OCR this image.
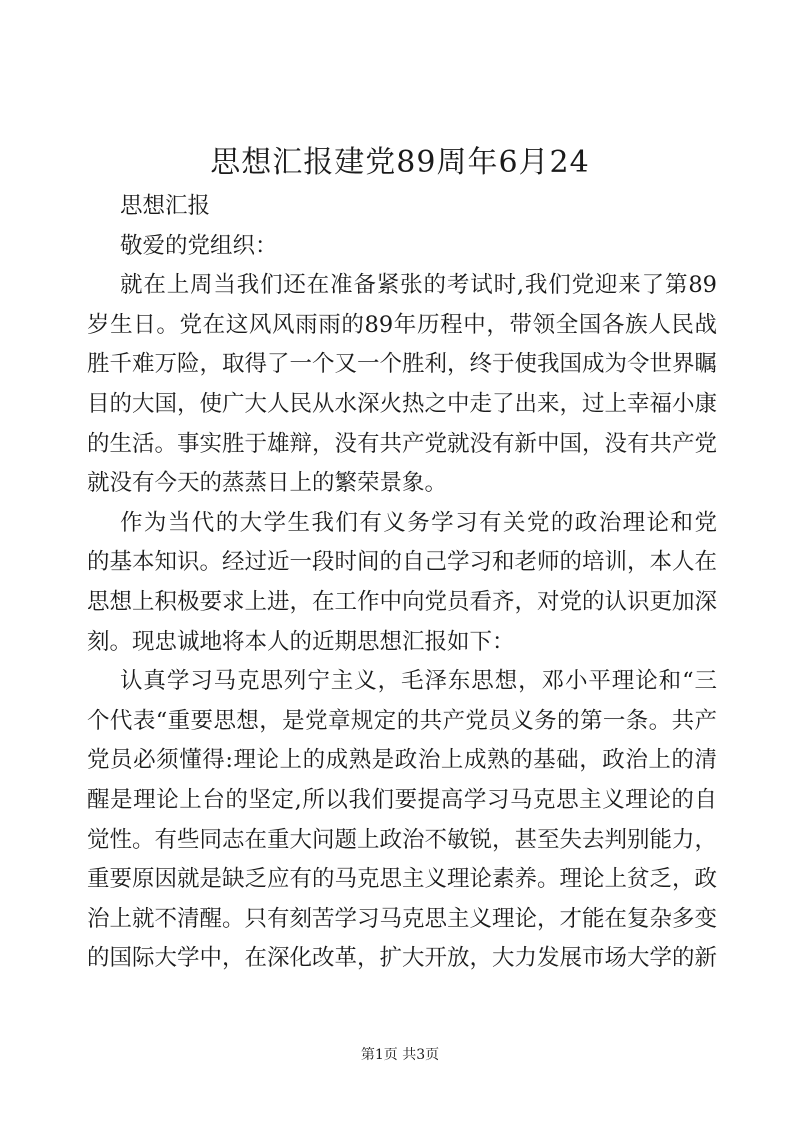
思想汇报建党89周年6月24
思想汇报
敬爱的党组织：
就在上周当我们还在准备紧张的考试时,我们党迎来了第89
岁生日。党在这风风雨雨的89年历程中，带领全国各族人民战
胜千难万险，取得了一个又一个胜利，终于使我国成为令世界瞩
目的大国，使广大人民从水深火热之中走了出来，过上幸福小康
的生活。事实胜于雄辩，没有共产党就没有新中国，没有共产党
就没有今天的蒸蒸日上的繁荣景象。
作为当代的大学生我们有义务学习有关党的政治理论和党
的基本知识。经过近一段时间的自己学习和老师的培训，本人在
思想上积极要求上进，在工作中向党员看齐，对党的认识更加深
刻。现忠诚地将本人的近期思想汇报如下：
认真学习马克思列宁主义，毛泽东思想，邓小平理论和“三
个代表“重要思想，是党章规定的共产党员义务的第一条。共产
党员必须懂得:理论上的成熟是政治上成熟的基础，政治上的清
醒是理论上台的坚定,所以我们要提高学习马克思主义理论的自
觉性。有些同志在重大问题上政治不敏锐，甚至失去判别能力，
重要原因就是缺乏应有的马克思主义理论素养。理论上贫乏，政
治上就不清醒。只有刻苦学习马克思主义理论，才能在复杂多变
的国际大学中，在深化改革，扩大开放，大力发展市场大学的新
第1页 共3页
